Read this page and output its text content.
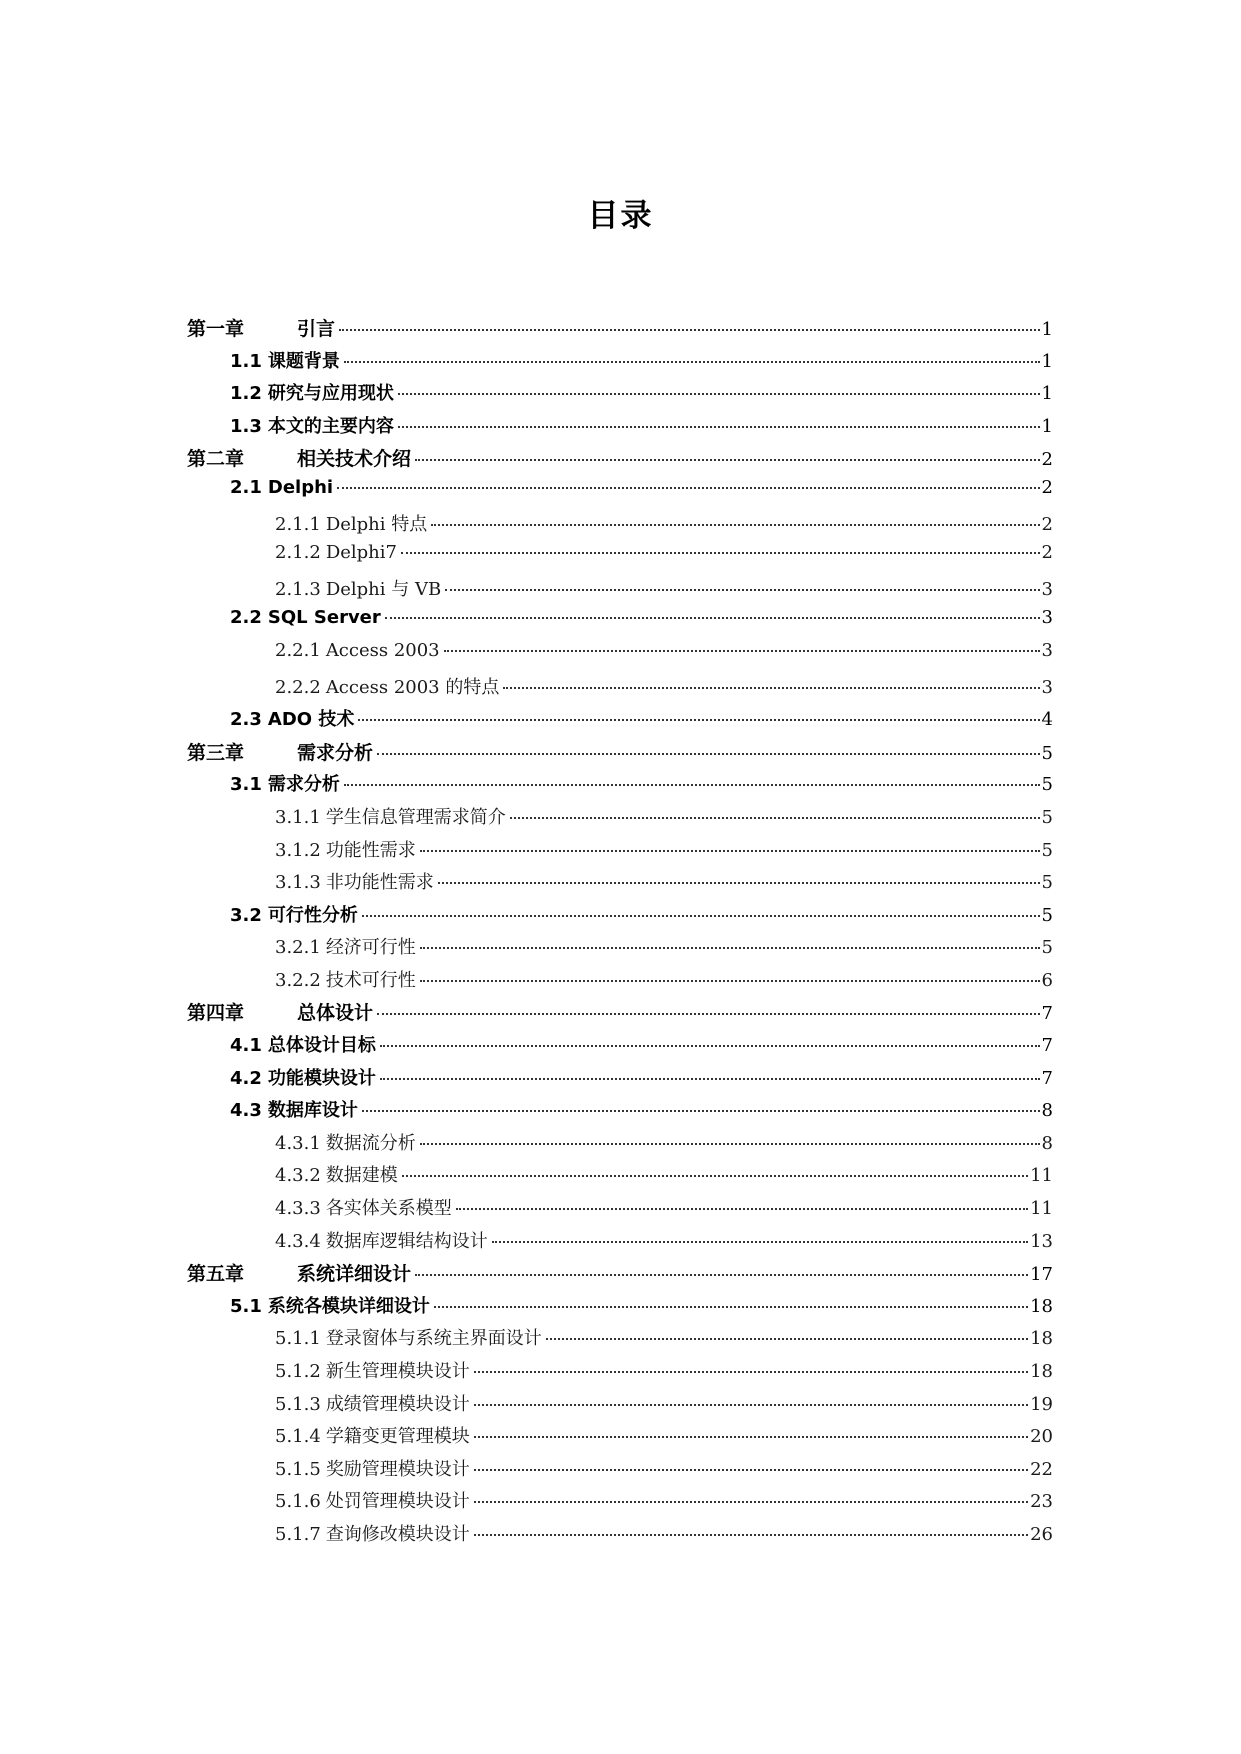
目录
第一章	引言	1
1.1 课题背景	1
1.2 研究与应用现状	1
1.3 本文的主要内容	1
第二章	相关技术介绍	2
2.1 Delphi	2
2.1.1 Delphi 特点	2
2.1.2 Delphi7	2
2.1.3 Delphi 与 VB	3
2.2 SQL Server	3
2.2.1 Access 2003	3
2.2.2 Access 2003 的特点	3
2.3 ADO 技术	4
第三章	需求分析	5
3.1 需求分析	5
3.1.1 学生信息管理需求简介	5
3.1.2 功能性需求	5
3.1.3 非功能性需求	5
3.2 可行性分析	5
3.2.1 经济可行性	5
3.2.2 技术可行性	6
第四章	总体设计	7
4.1 总体设计目标	7
4.2 功能模块设计	7
4.3 数据库设计	8
4.3.1 数据流分析	8
4.3.2 数据建模	11
4.3.3 各实体关系模型	11
4.3.4 数据库逻辑结构设计	13
第五章	系统详细设计	17
5.1 系统各模块详细设计	18
5.1.1 登录窗体与系统主界面设计	18
5.1.2 新生管理模块设计	18
5.1.3 成绩管理模块设计	19
5.1.4 学籍变更管理模块	20
5.1.5 奖励管理模块设计	22
5.1.6 处罚管理模块设计	23
5.1.7 查询修改模块设计	26
